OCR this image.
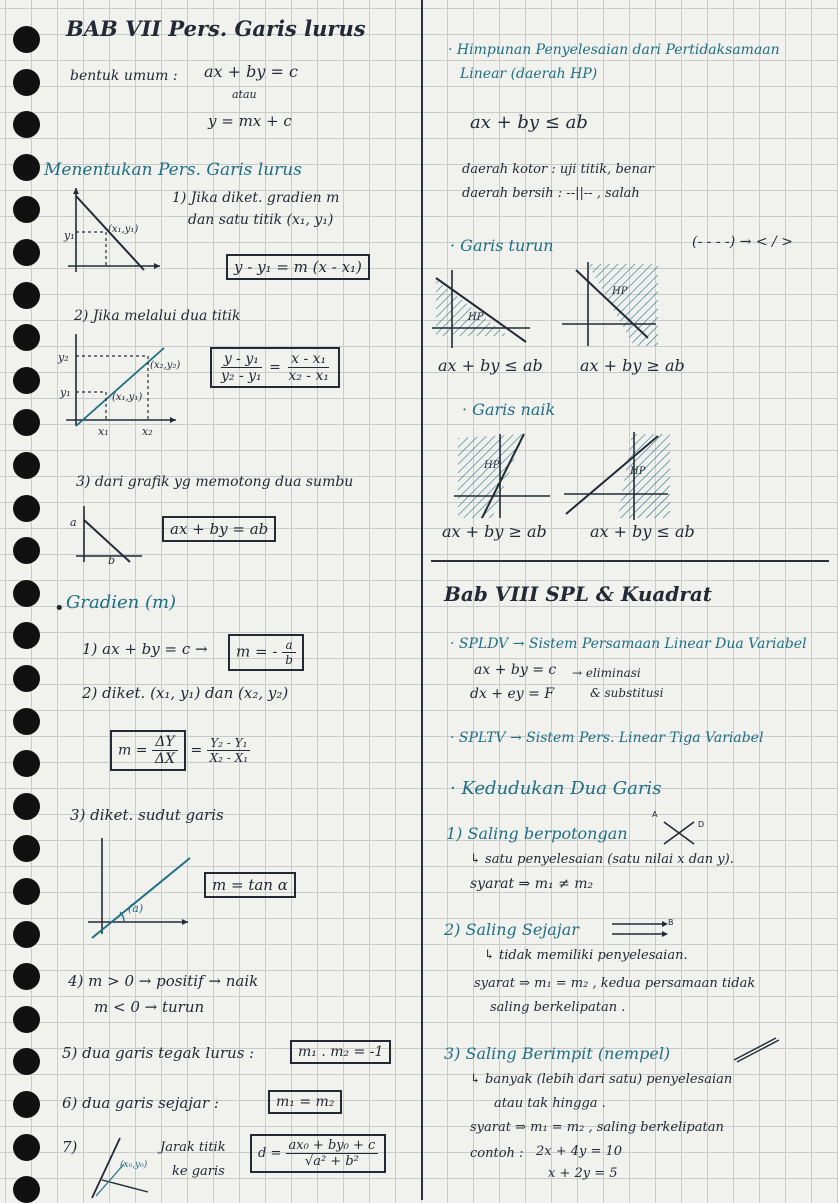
BAB VII Pers. Garis lurus
bentuk umum : ax + by = c
atau
y = mx + c
Menentukan Pers. Garis lurus
(x₁,y₁)
y₁
1) Jika diket. gradien m
dan satu titik (x₁, y₁)
y - y₁ = m (x - x₁)
2) Jika melalui dua titik
y₂
y₁
(x₂,y₂)
(x₁,y₁)
x₁	x₂
$\frac{\text{y - y₁}}{\text{y₂ - y₁}} = \frac{\text{x - x₁}}{\text{x₂ - x₁}}$
3) dari grafik yg memotong dua sumbu
a
b
ax + by = ab
Gradien (m)
•
1) ax + by = c →	m = - $\frac{a}{b}$
2) diket. (x₁, y₁) dan (x₂, y₂)
$m = \frac{\Delta Y}{\Delta X} = \frac{\text{Y₂ - Y₁}}{\text{X₂ - X₁}}$
3) diket. sudut garis
(a)
m = tan α
4) m > 0 → positif → naik
m < 0 → turun
5) dua garis tegak lurus :	m₁ . m₂ = -1
6) dua garis sejajar :	m₁ = m₂
7)
(x₀,y₀)
Jarak titik
ke garis
$d = \frac{\text{ax₀ + by₀ + c}}{\text{√a² + b²}}$
· Himpunan Penyelesaian dari Pertidaksamaan
Linear (daerah HP)
ax + by ≤ ab
daerah kotor : uji titik, benar
daerah bersih : --||-- , salah
· Garis turun	(- - - -) → < / >
HP
HP
ax + by ≤ ab ax + by ≥ ab
· Garis naik
HP
HP
ax + by ≥ ab	ax + by ≤ ab
Bab VIII SPL & Kuadrat
· SPLDV → Sistem Persamaan Linear Dua Variabel
ax + by = c
dx + ey = F
→ eliminasi
& substitusi
· SPLTV → Sistem Pers. Linear Tiga Variabel
· Kedudukan Dua Garis
1) Saling berpotongan
A
D
↳ satu penyelesaian (satu nilai x dan y).
syarat ⇒ m₁ ≠ m₂
2) Saling Sejajar	B
↳ tidak memiliki penyelesaian.
syarat ⇒ m₁ = m₂ , kedua persamaan tidak
saling berkelipatan .
3) Saling Berimpit (nempel)
↳ banyak (lebih dari satu) penyelesaian
atau tak hingga .
syarat ⇒ m₁ = m₂ , saling berkelipatan
contoh : 2x + 4y = 10
x + 2y = 5
